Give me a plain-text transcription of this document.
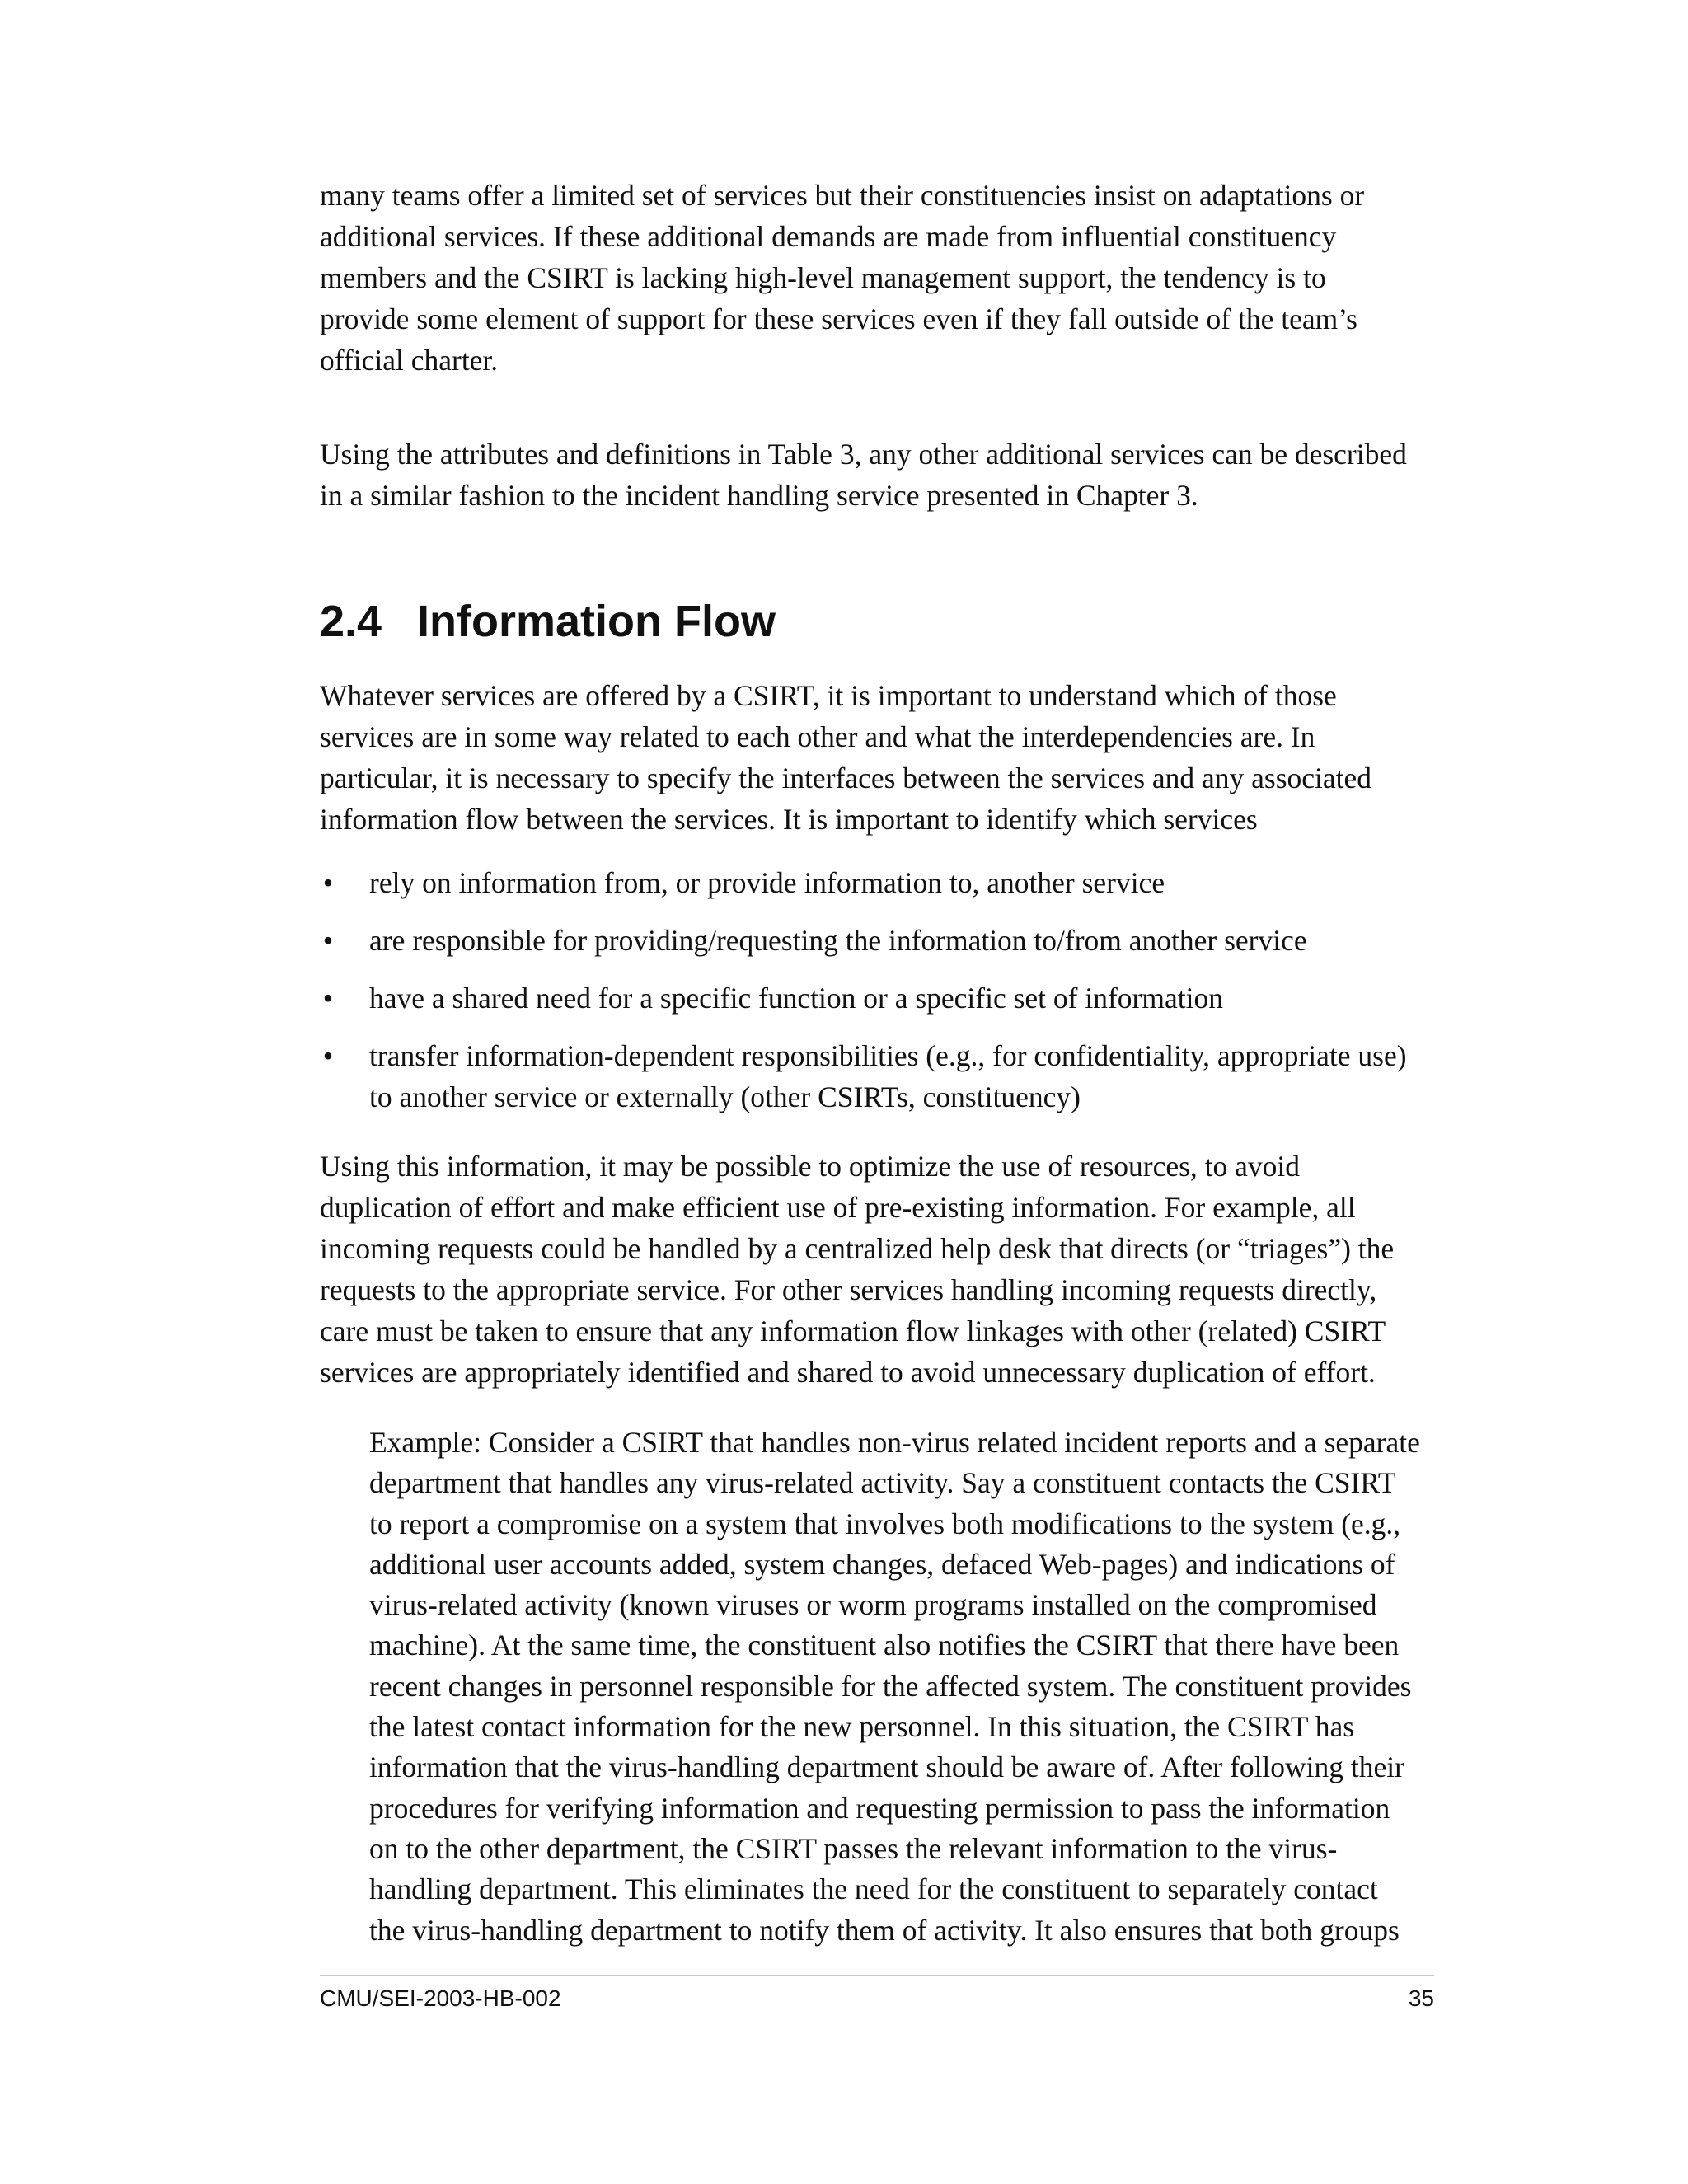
many teams offer a limited set of services but their constituencies insist on adaptations or
additional services. If these additional demands are made from influential constituency
members and the CSIRT is lacking high-level management support, the tendency is to
provide some element of support for these services even if they fall outside of the team’s
official charter.
Using the attributes and definitions in Table 3, any other additional services can be described
in a similar fashion to the incident handling service presented in Chapter 3.
2.4 Information Flow
Whatever services are offered by a CSIRT, it is important to understand which of those
services are in some way related to each other and what the interdependencies are. In
particular, it is necessary to specify the interfaces between the services and any associated
information flow between the services. It is important to identify which services
• rely on information from, or provide information to, another service
• are responsible for providing/requesting the information to/from another service
• have a shared need for a specific function or a specific set of information
• transfer information-dependent responsibilities (e.g., for confidentiality, appropriate use)
to another service or externally (other CSIRTs, constituency)
Using this information, it may be possible to optimize the use of resources, to avoid
duplication of effort and make efficient use of pre-existing information. For example, all
incoming requests could be handled by a centralized help desk that directs (or “triages”) the
requests to the appropriate service. For other services handling incoming requests directly,
care must be taken to ensure that any information flow linkages with other (related) CSIRT
services are appropriately identified and shared to avoid unnecessary duplication of effort.
Example: Consider a CSIRT that handles non-virus related incident reports and a separate
department that handles any virus-related activity. Say a constituent contacts the CSIRT
to report a compromise on a system that involves both modifications to the system (e.g.,
additional user accounts added, system changes, defaced Web-pages) and indications of
virus-related activity (known viruses or worm programs installed on the compromised
machine). At the same time, the constituent also notifies the CSIRT that there have been
recent changes in personnel responsible for the affected system. The constituent provides
the latest contact information for the new personnel. In this situation, the CSIRT has
information that the virus-handling department should be aware of. After following their
procedures for verifying information and requesting permission to pass the information
on to the other department, the CSIRT passes the relevant information to the virus-
handling department. This eliminates the need for the constituent to separately contact
the virus-handling department to notify them of activity. It also ensures that both groups
CMU/SEI-2003-HB-002	35
